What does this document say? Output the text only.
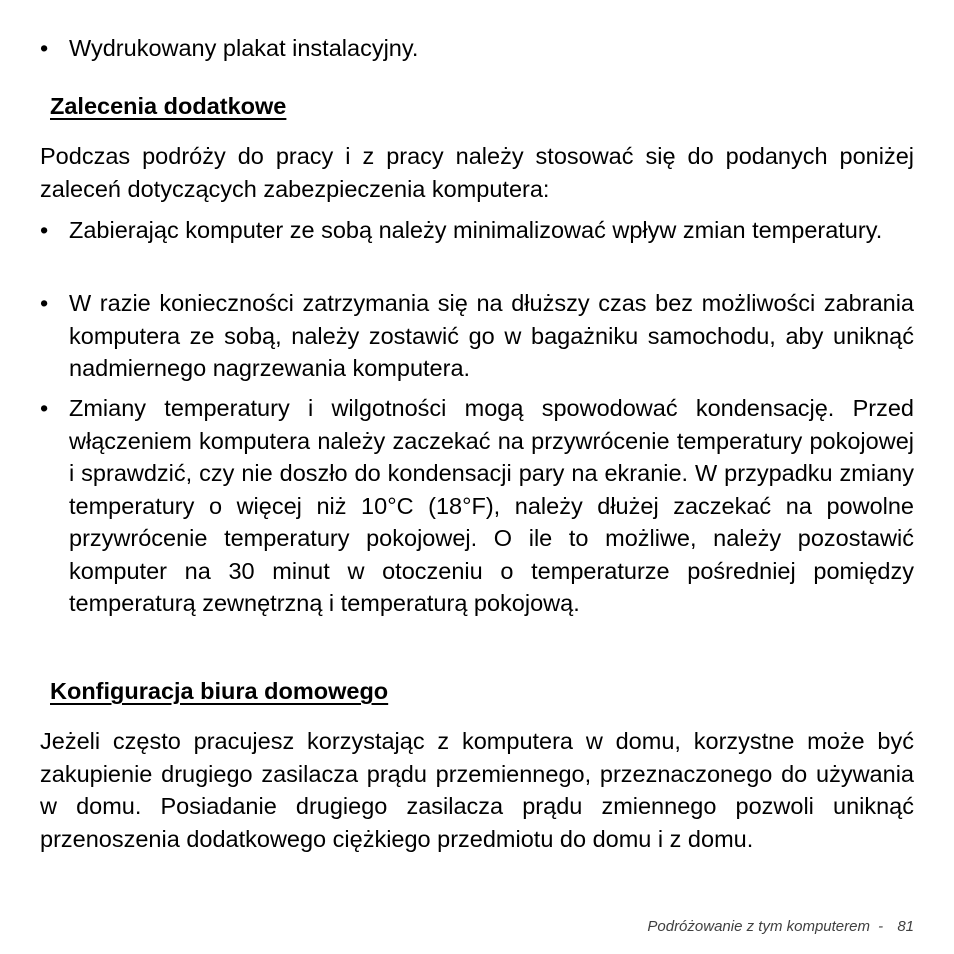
• Wydrukowany plakat instalacyjny.
Zalecenia dodatkowe
Podczas podróży do pracy i z pracy należy stosować się do podanych poniżej zaleceń dotyczących zabezpieczenia komputera:
• Zabierając komputer ze sobą należy minimalizować wpływ zmian temperatury.
• W razie konieczności zatrzymania się na dłuższy czas bez możliwości zabrania komputera ze sobą, należy zostawić go w bagażniku samochodu, aby uniknąć nadmiernego nagrzewania komputera.
• Zmiany temperatury i wilgotności mogą spowodować kondensację. Przed włączeniem komputera należy zaczekać na przywrócenie temperatury pokojowej i sprawdzić, czy nie doszło do kondensacji pary na ekranie. W przypadku zmiany temperatury o więcej niż 10°C (18°F), należy dłużej zaczekać na powolne przywrócenie temperatury pokojowej. O ile to możliwe, należy pozostawić komputer na 30 minut w otoczeniu o temperaturze pośredniej pomiędzy temperaturą zewnętrzną i temperaturą pokojową.
Konfiguracja biura domowego
Jeżeli często pracujesz korzystając z komputera w domu, korzystne może być zakupienie drugiego zasilacza prądu przemiennego, przeznaczonego do używania w domu. Posiadanie drugiego zasilacza prądu zmiennego pozwoli uniknąć przenoszenia dodatkowego ciężkiego przedmiotu do domu i z domu.
Podróżowanie z tym komputerem - 81
